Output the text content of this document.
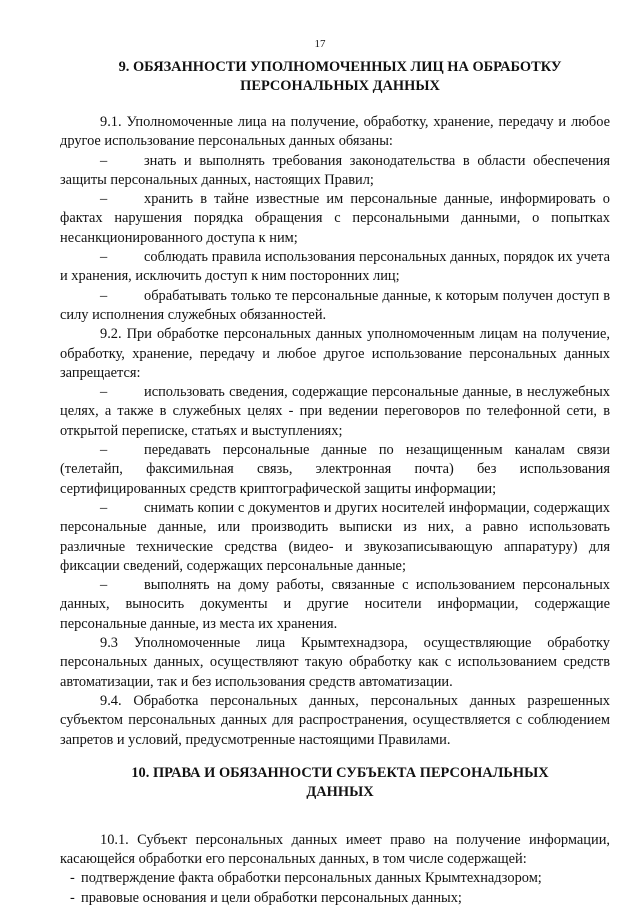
17
9. ОБЯЗАННОСТИ УПОЛНОМОЧЕННЫХ ЛИЦ НА ОБРАБОТКУ ПЕРСОНАЛЬНЫХ ДАННЫХ

9.1. Уполномоченные лица на получение, обработку, хранение, передачу и любое другое использование персональных данных обязаны:

–	знать и выполнять требования законодательства в области обеспечения защиты персональных данных, настоящих Правил;

–	хранить в тайне известные им персональные данные, информировать о фактах нарушения порядка обращения с персональными данными, о попытках несанкционированного доступа к ним;

–	соблюдать правила использования персональных данных, порядок их учета и хранения, исключить доступ к ним посторонних лиц;

–	обрабатывать только те персональные данные, к которым получен доступ в силу исполнения служебных обязанностей.

9.2. При обработке персональных данных уполномоченным лицам на получение, обработку, хранение, передачу и любое другое использование персональных данных запрещается:

–	использовать сведения, содержащие персональные данные, в неслужебных целях, а также в служебных целях - при ведении переговоров по телефонной сети, в открытой переписке, статьях и выступлениях;

–	передавать персональные данные по незащищенным каналам связи (телетайп, факсимильная связь, электронная почта) без использования сертифицированных средств криптографической защиты информации;

–	снимать копии с документов и других носителей информации, содержащих персональные данные, или производить выписки из них, а равно использовать различные технические средства (видео- и звукозаписывающую аппаратуру) для фиксации сведений, содержащих персональные данные;

–	выполнять на дому работы, связанные с использованием персональных данных, выносить документы и другие носители информации, содержащие персональные данные, из места их хранения.

9.3 Уполномоченные лица Крымтехнадзора, осуществляющие обработку персональных данных, осуществляют такую обработку как с использованием средств автоматизации, так и без использования средств автоматизации.

9.4. Обработка персональных данных, персональных данных разрешенных субъектом персональных данных для распространения, осуществляется с соблюдением запретов и условий, предусмотренные настоящими Правилами.

10. ПРАВА И ОБЯЗАННОСТИ СУБЪЕКТА ПЕРСОНАЛЬНЫХ ДАННЫХ

10.1. Субъект персональных данных имеет право на получение информации, касающейся обработки его персональных данных, в том числе содержащей:

- подтверждение факта обработки персональных данных Крымтехнадзором;

- правовые основания и цели обработки персональных данных;
